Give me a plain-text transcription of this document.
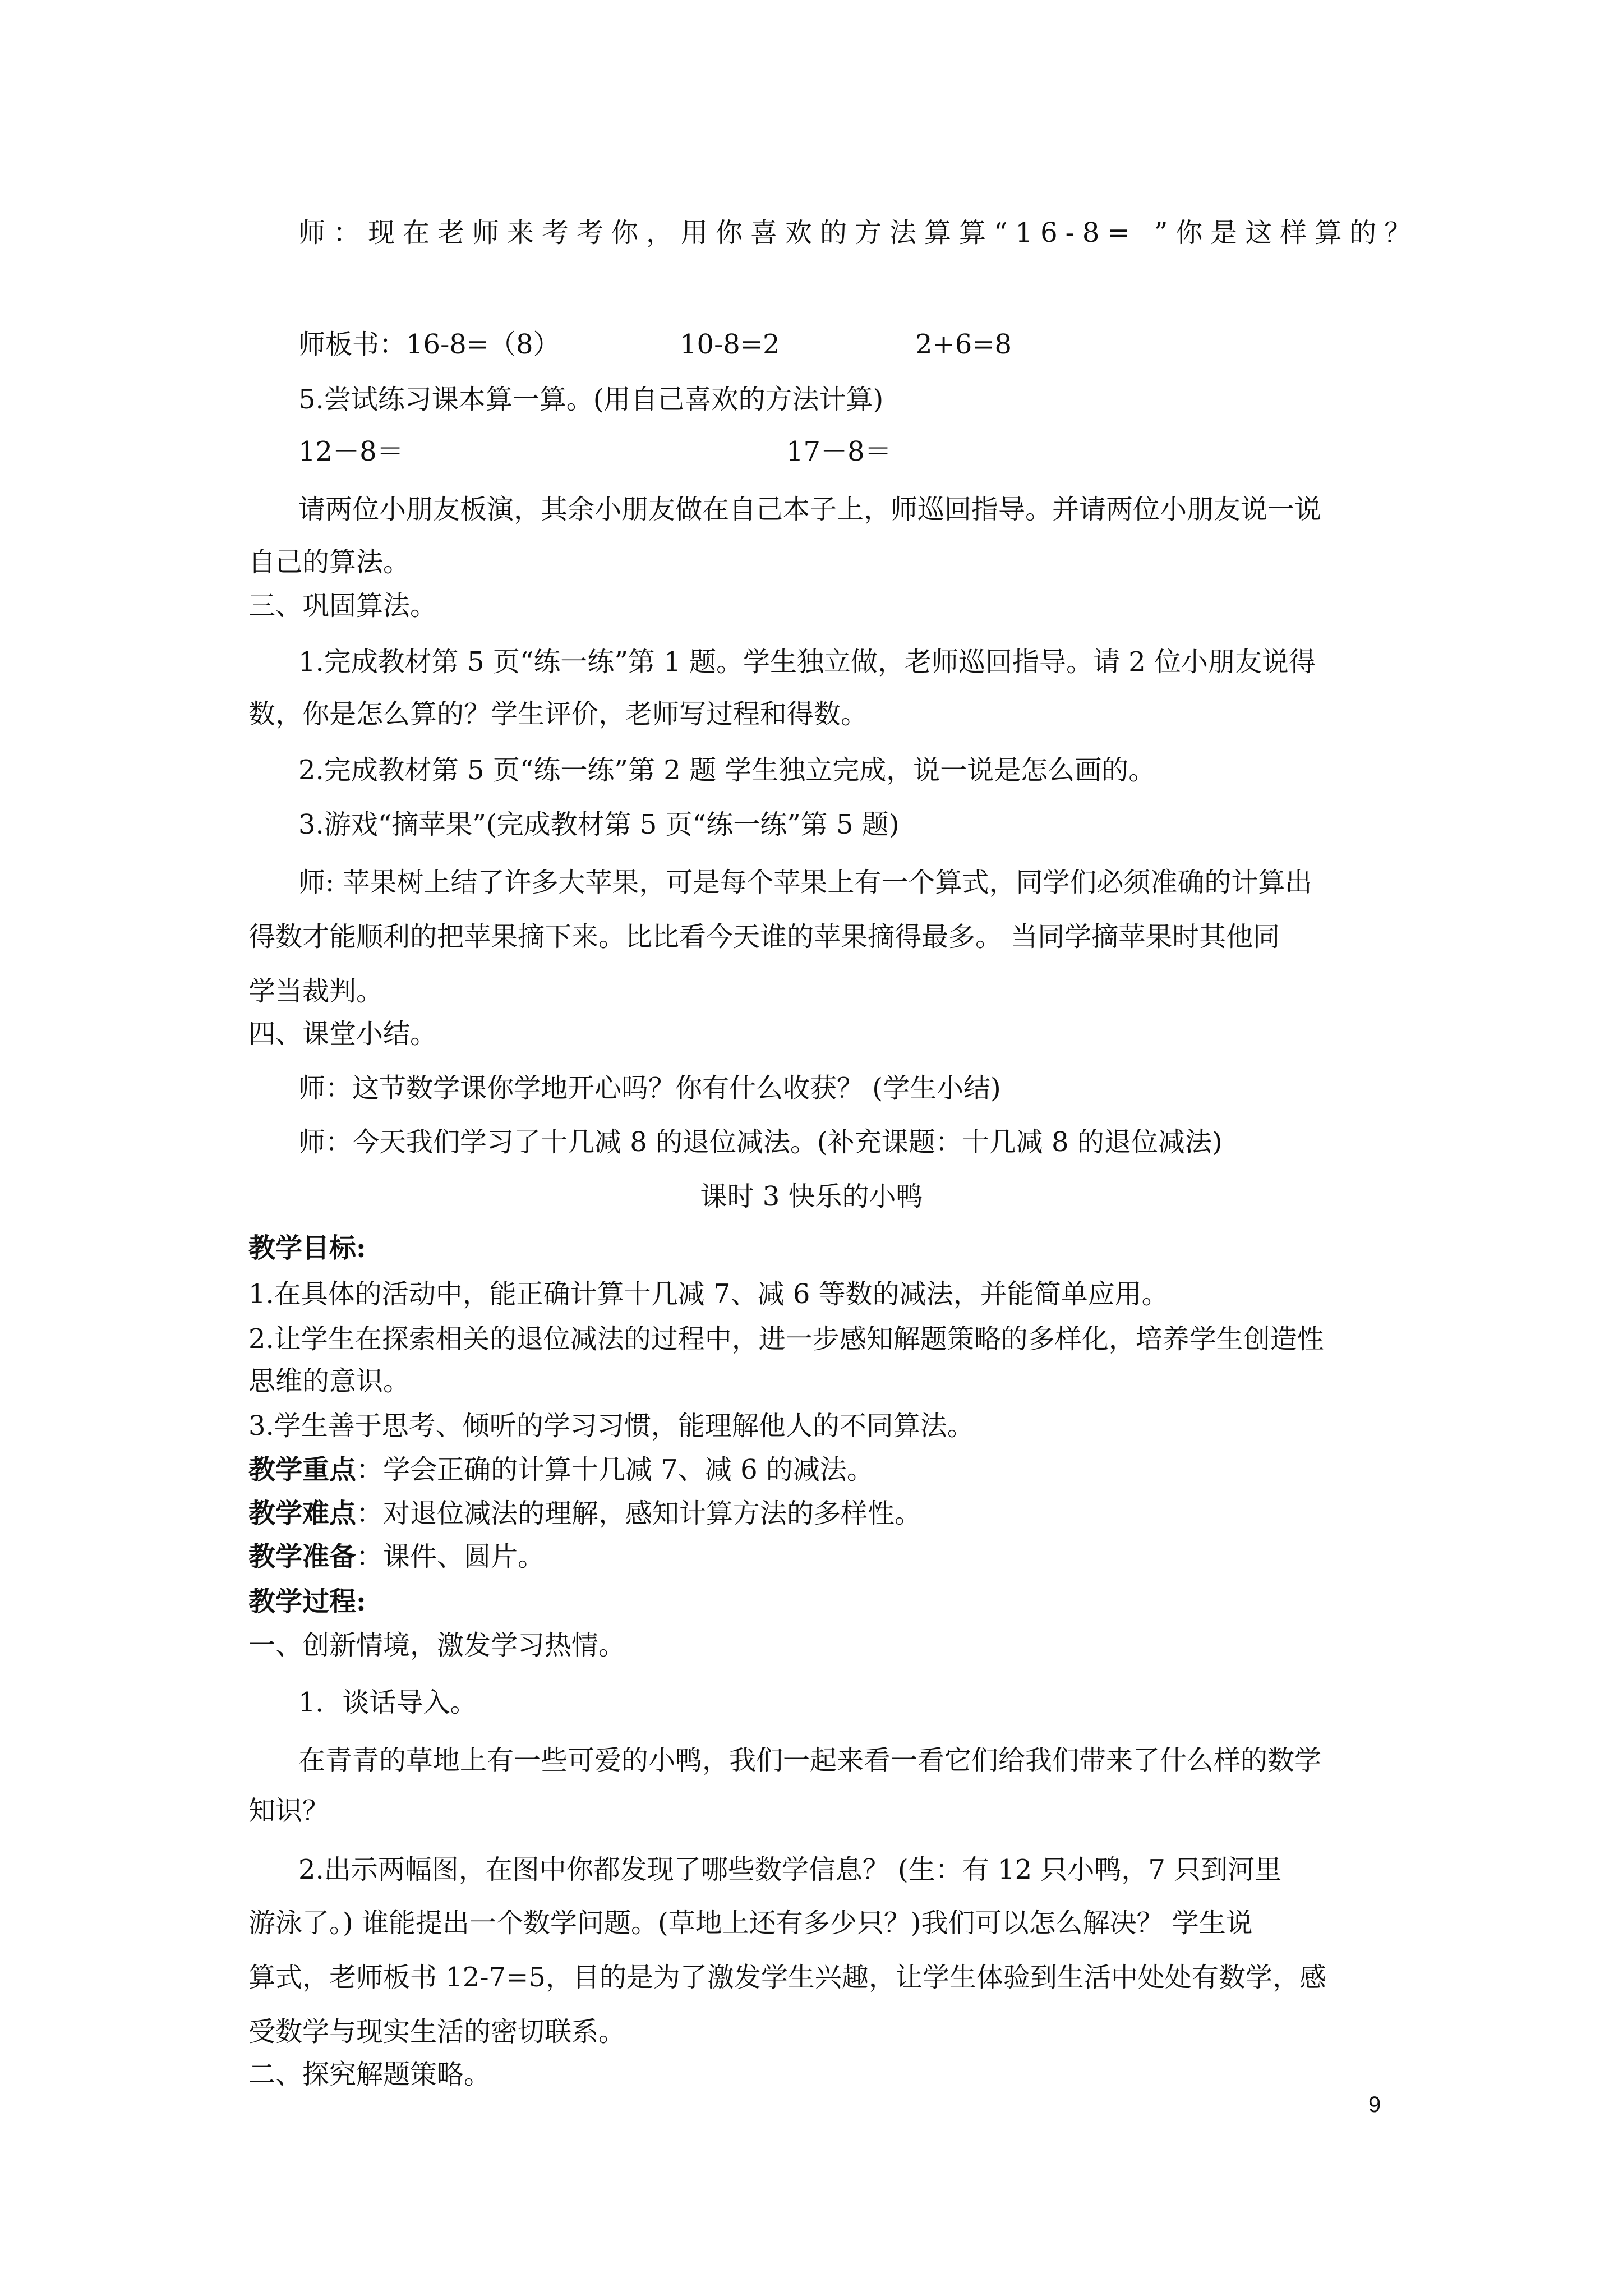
师：现在老师来考考你，用你喜欢的方法算算“16-8= ”你是这样算的？
师板书：16-8=（8）	10-8=2	2+6=8
5.尝试练习课本算一算。(用自己喜欢的方法计算)
12－8＝	17－8＝
请两位小朋友板演，其余小朋友做在自己本子上，师巡回指导。并请两位小朋友说一说
自己的算法。
三、巩固算法。
1.完成教材第 5 页“练一练”第 1 题。学生独立做，老师巡回指导。请 2 位小朋友说得
数，你是怎么算的？学生评价，老师写过程和得数。
2.完成教材第 5 页“练一练”第 2 题 学生独立完成，说一说是怎么画的。
3.游戏“摘苹果”(完成教材第 5 页“练一练”第 5 题)
师: 苹果树上结了许多大苹果，可是每个苹果上有一个算式，同学们必须准确的计算出
得数才能顺利的把苹果摘下来。比比看今天谁的苹果摘得最多。 当同学摘苹果时其他同
学当裁判。
四、课堂小结。
师：这节数学课你学地开心吗？你有什么收获？ (学生小结)
师：今天我们学习了十几减 8 的退位减法。(补充课题：十几减 8 的退位减法)
课时 3 快乐的小鸭
教学目标:
1.在具体的活动中，能正确计算十几减 7、减 6 等数的减法，并能简单应用。
2.让学生在探索相关的退位减法的过程中，进一步感知解题策略的多样化，培养学生创造性
思维的意识。
3.学生善于思考、倾听的学习习惯，能理解他人的不同算法。
教学重点：学会正确的计算十几减 7、减 6 的减法。
教学难点：对退位减法的理解，感知计算方法的多样性。
教学准备：课件、圆片。
教学过程:
一、创新情境，激发学习热情。
1．谈话导入。
在青青的草地上有一些可爱的小鸭，我们一起来看一看它们给我们带来了什么样的数学
知识？
2.出示两幅图，在图中你都发现了哪些数学信息？ (生：有 12 只小鸭，7 只到河里
游泳了。) 谁能提出一个数学问题。(草地上还有多少只？)我们可以怎么解决？ 学生说
算式，老师板书 12-7=5，目的是为了激发学生兴趣，让学生体验到生活中处处有数学，感
受数学与现实生活的密切联系。
二、探究解题策略。
9
